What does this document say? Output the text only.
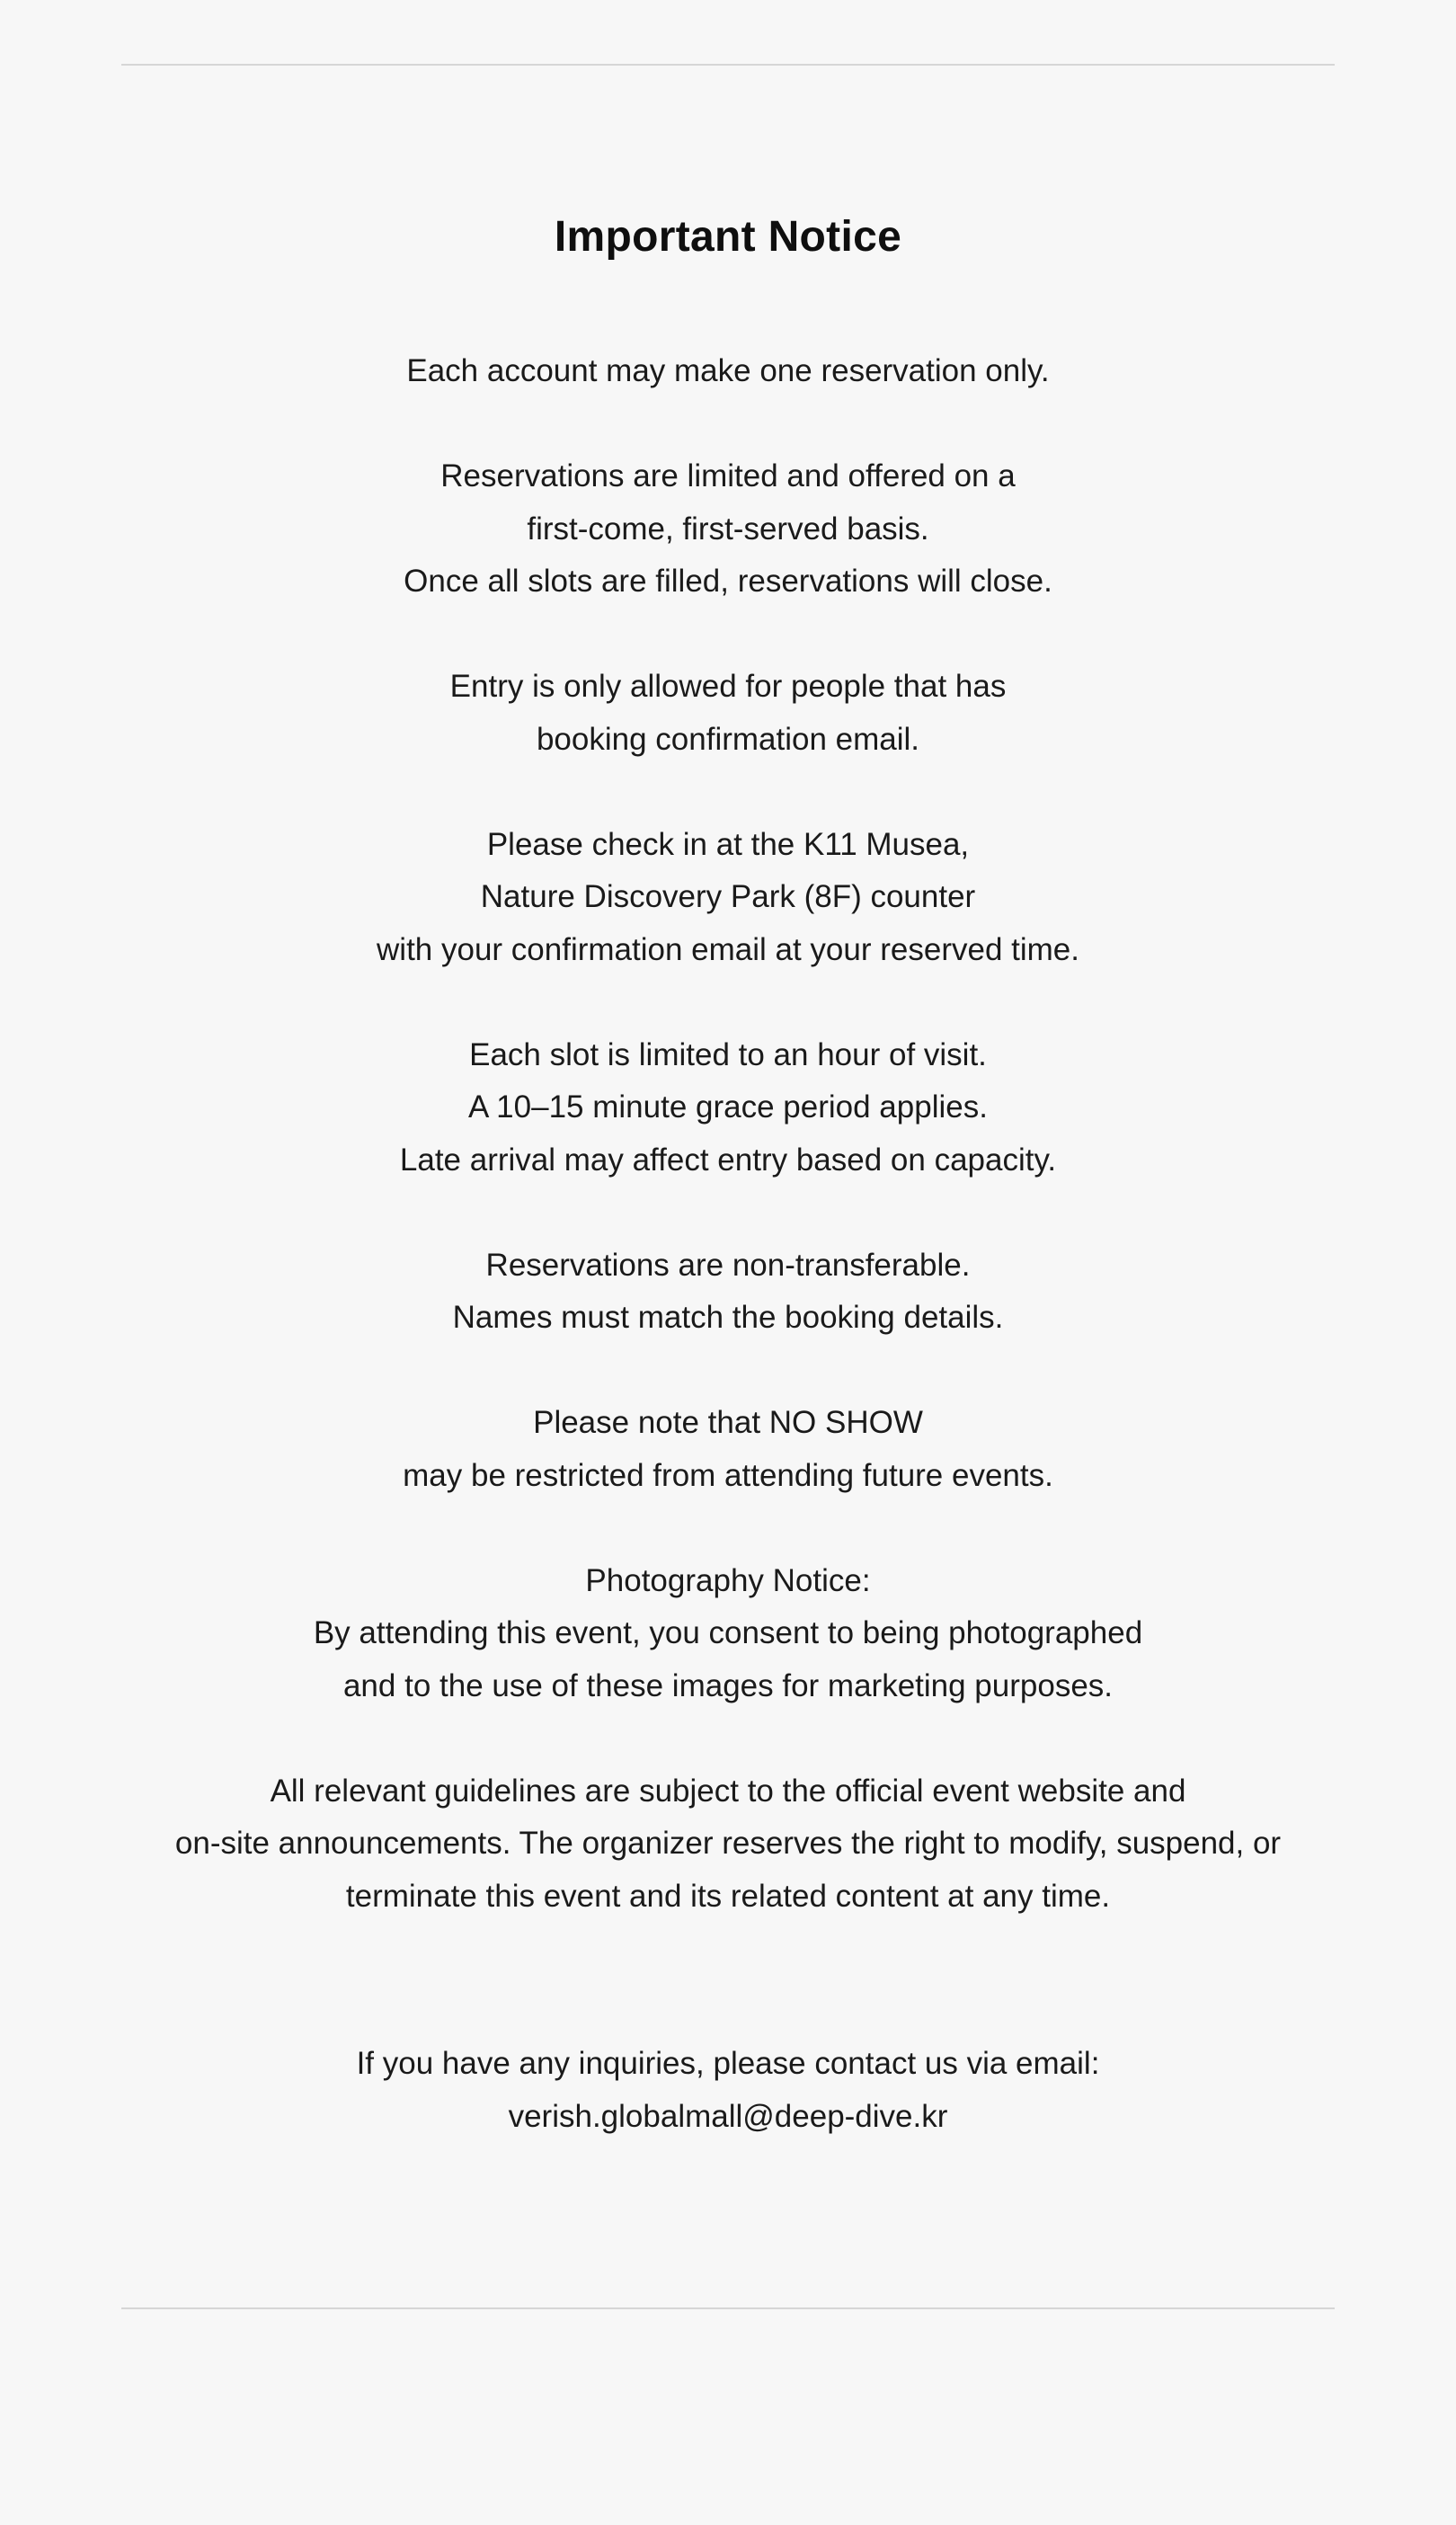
Important Notice

Each account may make one reservation only.

Reservations are limited and offered on a
first-come, first-served basis.
Once all slots are filled, reservations will close.

Entry is only allowed for people that has
booking confirmation email.

Please check in at the K11 Musea,
Nature Discovery Park (8F) counter
with your confirmation email at your reserved time.

Each slot is limited to an hour of visit.
A 10–15 minute grace period applies.
Late arrival may affect entry based on capacity.

Reservations are non-transferable.
Names must match the booking details.

Please note that NO SHOW
may be restricted from attending future events.

Photography Notice:
By attending this event, you consent to being photographed
and to the use of these images for marketing purposes.

All relevant guidelines are subject to the official event website and
on-site announcements. The organizer reserves the right to modify, suspend, or
terminate this event and its related content at any time.

If you have any inquiries, please contact us via email:
verish.globalmall@deep-dive.kr
